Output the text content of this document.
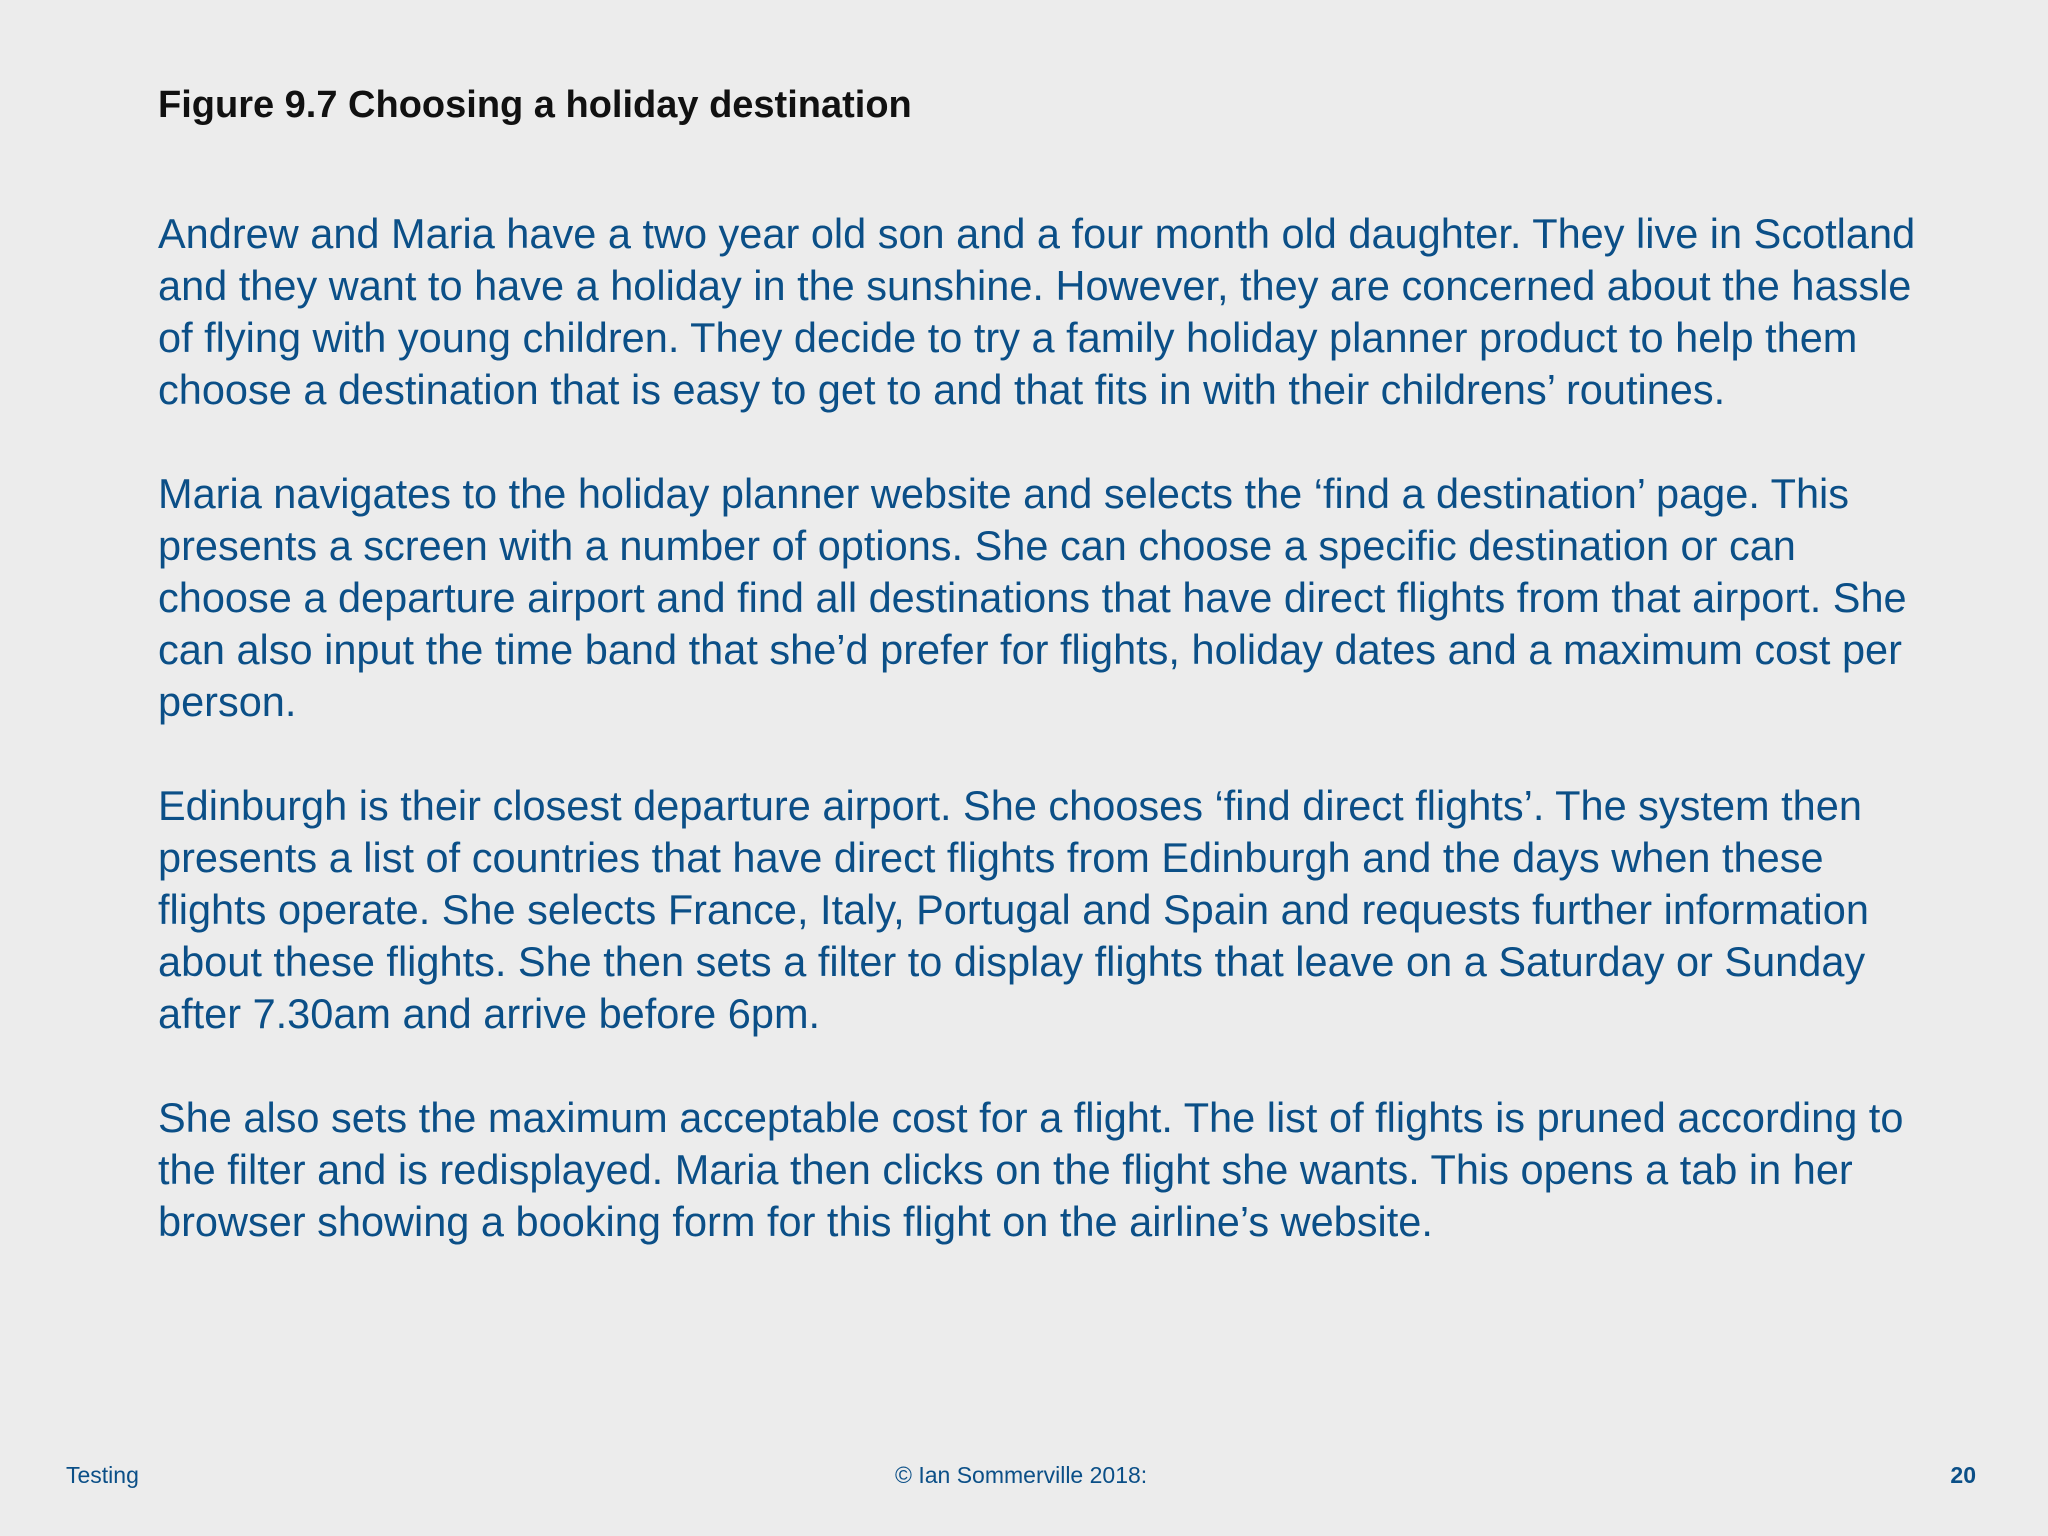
Figure 9.7 Choosing a holiday destination

Andrew and Maria have a two year old son and a four month old daughter. They live in Scotland and they want to have a holiday in the sunshine. However, they are concerned about the hassle of flying with young children. They decide to try a family holiday planner product to help them choose a destination that is easy to get to and that fits in with their childrens’ routines.

Maria navigates to the holiday planner website and selects the ‘find a destination’ page. This presents a screen with a number of options. She can choose a specific destination or can choose a departure airport and find all destinations that have direct flights from that airport. She can also input the time band that she’d prefer for flights, holiday dates and a maximum cost per person.

Edinburgh is their closest departure airport. She chooses ‘find direct flights’. The system then presents a list of countries that have direct flights from Edinburgh and the days when these flights operate. She selects France, Italy, Portugal and Spain and requests further information about these flights. She then sets a filter to display flights that leave on a Saturday or Sunday after 7.30am and arrive before 6pm.

She also sets the maximum acceptable cost for a flight. The list of flights is pruned according to the filter and is redisplayed. Maria then clicks on the flight she wants. This opens a tab in her browser showing a booking form for this flight on the airline’s website.

Testing	© Ian Sommerville 2018:	20
